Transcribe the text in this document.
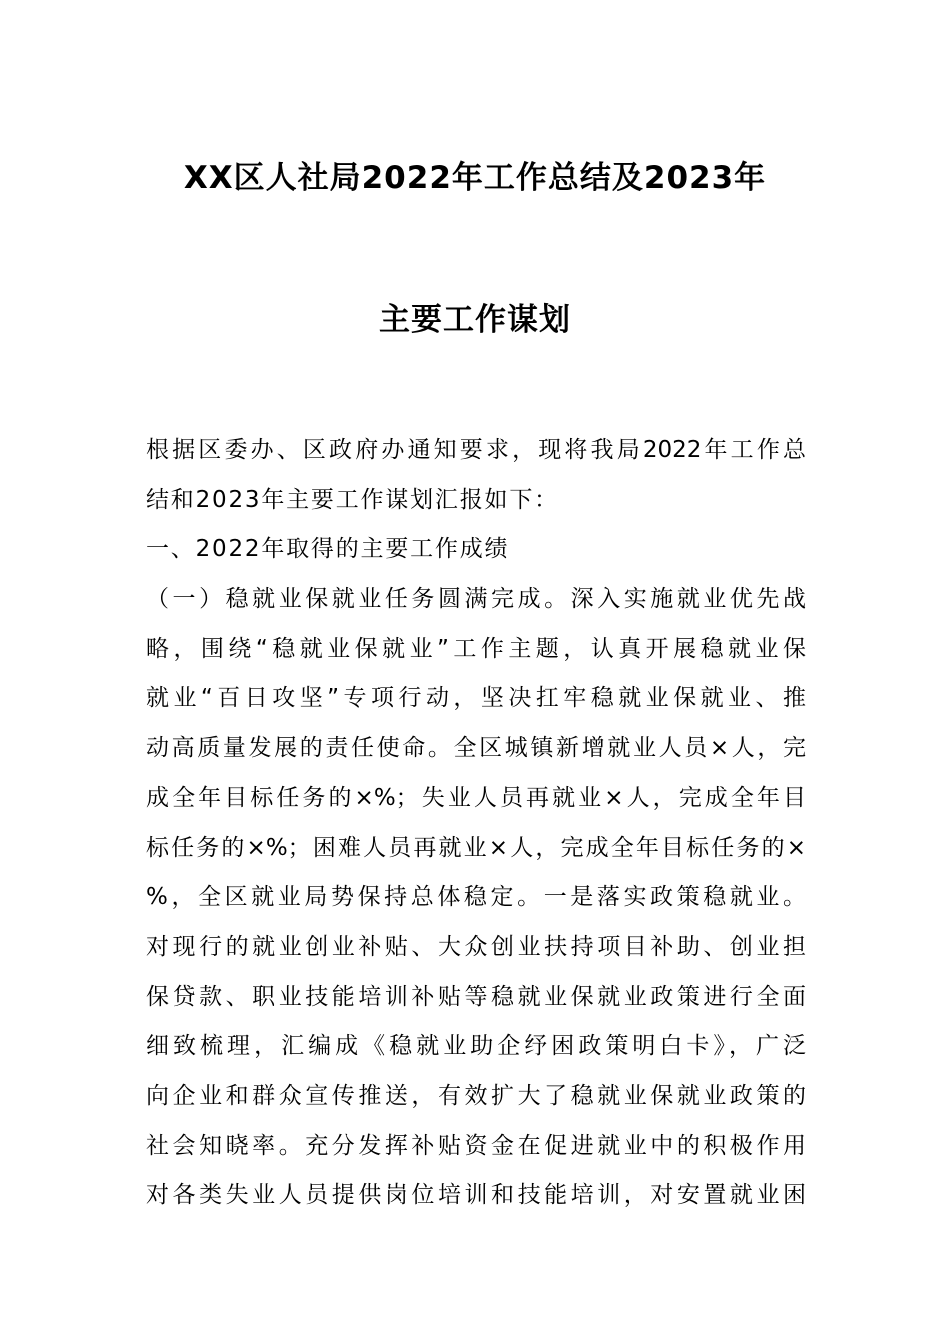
XX区人社局2022年工作总结及2023年
主要工作谋划
根据区委办、区政府办通知要求，现将我局2022年工作总
结和2023年主要工作谋划汇报如下：
一、2022年取得的主要工作成绩
（一）稳就业保就业任务圆满完成。深入实施就业优先战
略，围绕“稳就业保就业”工作主题，认真开展稳就业保
就业“百日攻坚”专项行动，坚决扛牢稳就业保就业、推
动高质量发展的责任使命。全区城镇新增就业人员×人，完
成全年目标任务的×%；失业人员再就业×人，完成全年目
标任务的×%；困难人员再就业×人，完成全年目标任务的×
%，全区就业局势保持总体稳定。一是落实政策稳就业。
对现行的就业创业补贴、大众创业扶持项目补助、创业担
保贷款、职业技能培训补贴等稳就业保就业政策进行全面
细致梳理，汇编成《稳就业助企纾困政策明白卡》，广泛
向企业和群众宣传推送，有效扩大了稳就业保就业政策的
社会知晓率。充分发挥补贴资金在促进就业中的积极作用
对各类失业人员提供岗位培训和技能培训，对安置就业困
